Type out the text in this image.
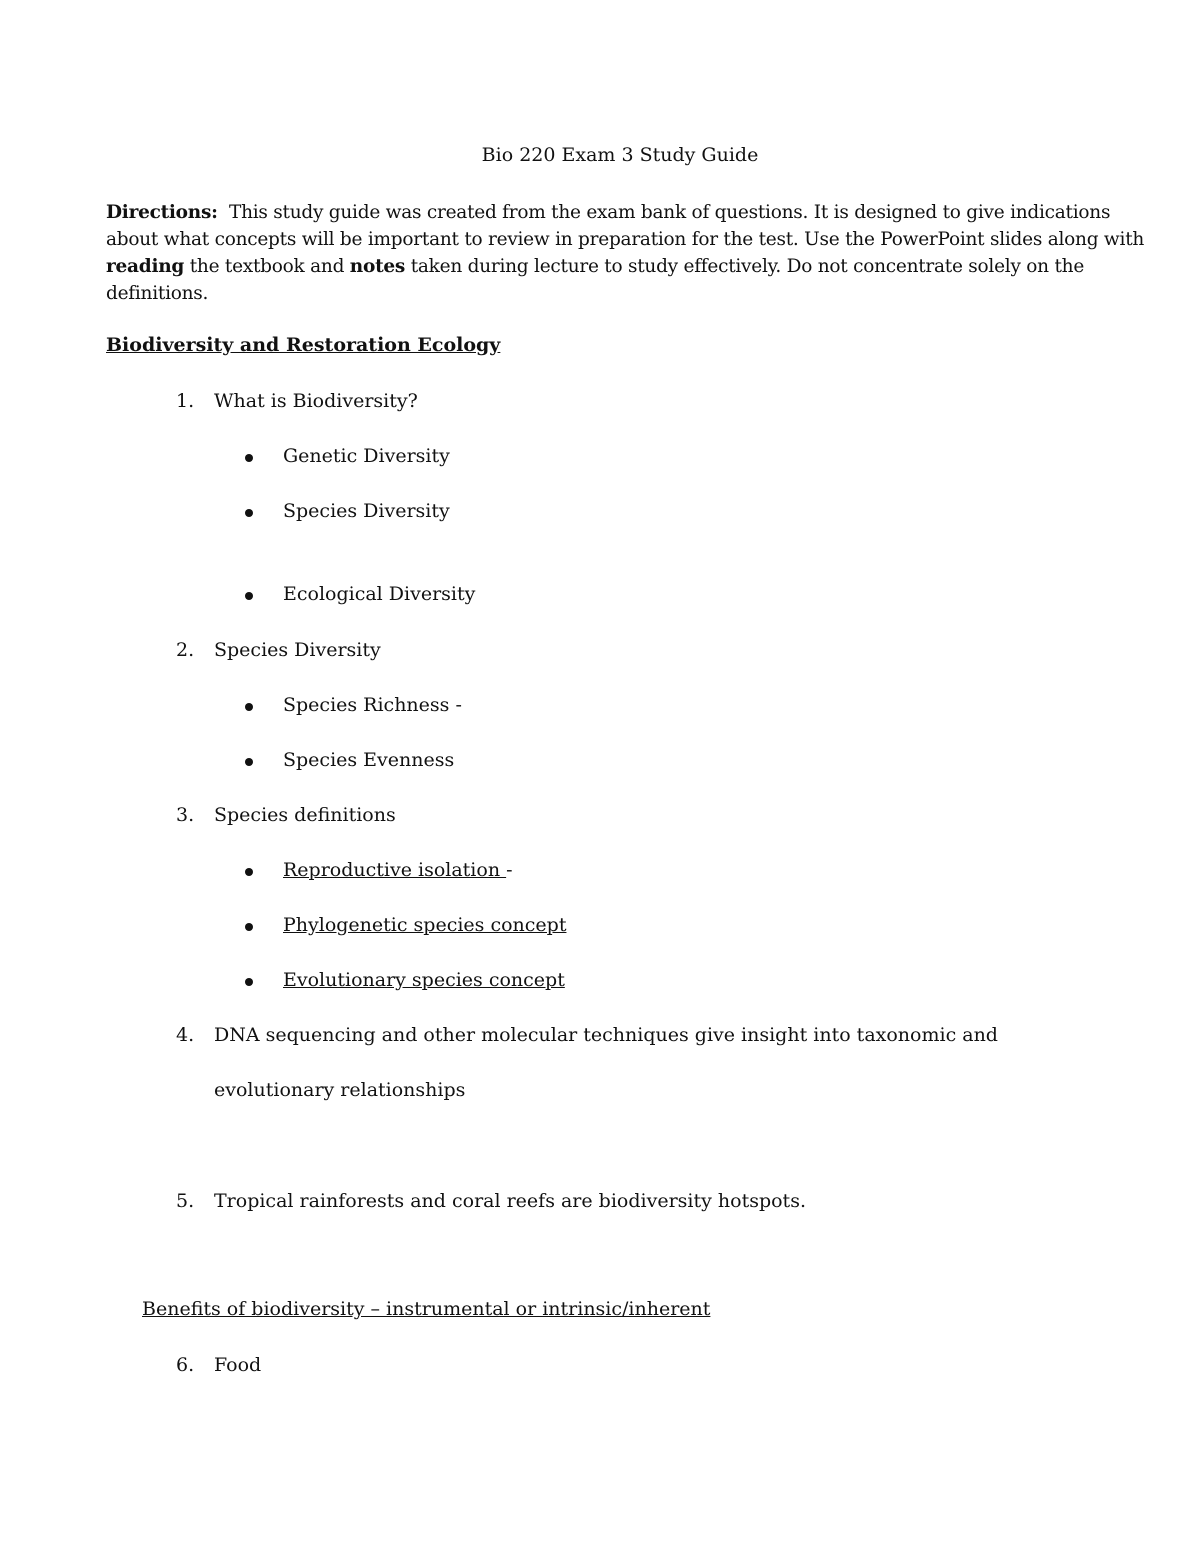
Bio 220 Exam 3 Study Guide
Directions: This study guide was created from the exam bank of questions. It is designed to give indications about what concepts will be important to review in preparation for the test. Use the PowerPoint slides along with reading the textbook and notes taken during lecture to study effectively. Do not concentrate solely on the definitions.
Biodiversity and Restoration Ecology
1. What is Biodiversity?
Genetic Diversity
Species Diversity
Ecological Diversity
2. Species Diversity
Species Richness -
Species Evenness
3. Species definitions
Reproductive isolation -
Phylogenetic species concept
Evolutionary species concept
4. DNA sequencing and other molecular techniques give insight into taxonomic and
evolutionary relationships
5. Tropical rainforests and coral reefs are biodiversity hotspots.
Benefits of biodiversity – instrumental or intrinsic/inherent
6. Food
